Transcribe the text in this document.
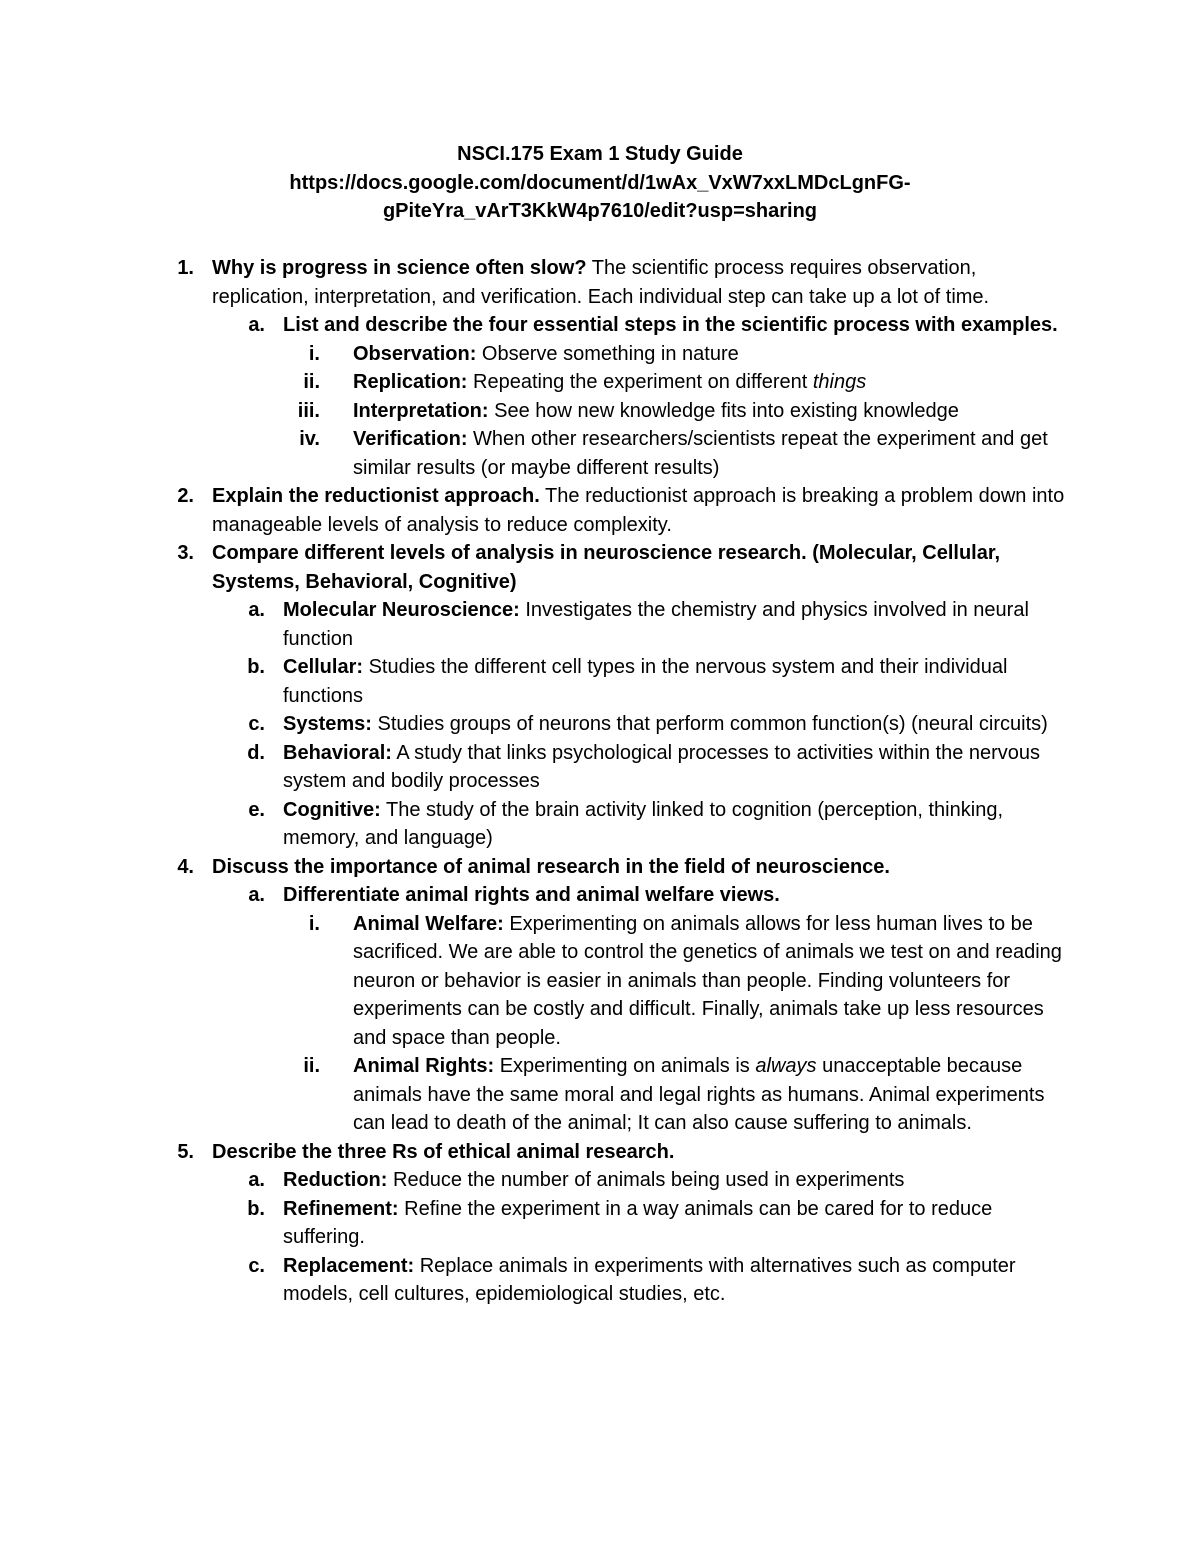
NSCI.175 Exam 1 Study Guide
https://docs.google.com/document/d/1wAx_VxW7xxLMDcLgnFG-
gPiteYra_vArT3KkW4p7610/edit?usp=sharing
1. Why is progress in science often slow? The scientific process requires observation, replication, interpretation, and verification. Each individual step can take up a lot of time.
a. List and describe the four essential steps in the scientific process with examples.
i. Observation: Observe something in nature
ii. Replication: Repeating the experiment on different things
iii. Interpretation: See how new knowledge fits into existing knowledge
iv. Verification: When other researchers/scientists repeat the experiment and get similar results (or maybe different results)
2. Explain the reductionist approach. The reductionist approach is breaking a problem down into manageable levels of analysis to reduce complexity.
3. Compare different levels of analysis in neuroscience research. (Molecular, Cellular, Systems, Behavioral, Cognitive)
a. Molecular Neuroscience: Investigates the chemistry and physics involved in neural function
b. Cellular: Studies the different cell types in the nervous system and their individual functions
c. Systems: Studies groups of neurons that perform common function(s) (neural circuits)
d. Behavioral: A study that links psychological processes to activities within the nervous system and bodily processes
e. Cognitive: The study of the brain activity linked to cognition (perception, thinking, memory, and language)
4. Discuss the importance of animal research in the field of neuroscience.
a. Differentiate animal rights and animal welfare views.
i. Animal Welfare: Experimenting on animals allows for less human lives to be sacrificed. We are able to control the genetics of animals we test on and reading neuron or behavior is easier in animals than people. Finding volunteers for experiments can be costly and difficult. Finally, animals take up less resources and space than people.
ii. Animal Rights: Experimenting on animals is always unacceptable because animals have the same moral and legal rights as humans. Animal experiments can lead to death of the animal; It can also cause suffering to animals.
5. Describe the three Rs of ethical animal research.
a. Reduction: Reduce the number of animals being used in experiments
b. Refinement: Refine the experiment in a way animals can be cared for to reduce suffering.
c. Replacement: Replace animals in experiments with alternatives such as computer models, cell cultures, epidemiological studies, etc.
